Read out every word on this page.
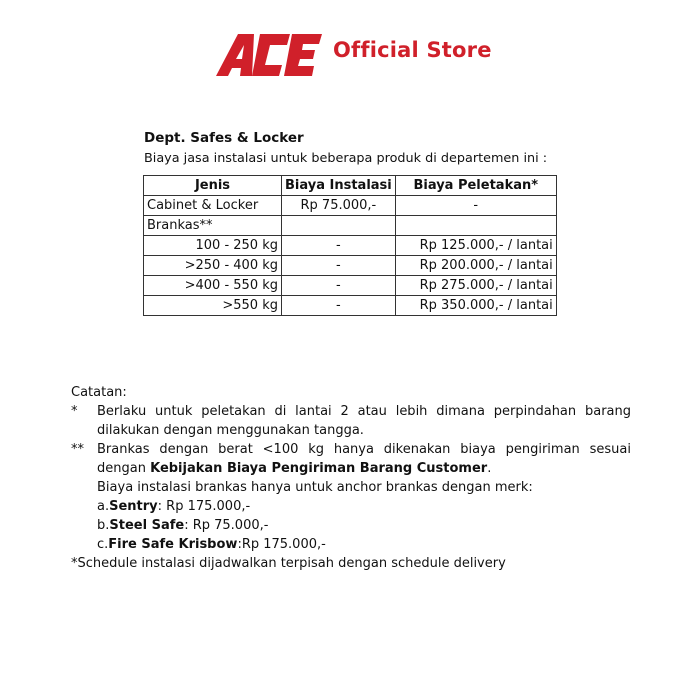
ACE
Official Store
Dept. Safes & Locker
Biaya jasa instalasi untuk beberapa produk di departemen ini :
Jenis	Biaya Instalasi	Biaya Peletakan*
Cabinet & Locker	Rp 75.000,-	-
Brankas**		
100 - 250 kg	-	Rp 125.000,- / lantai
>250 - 400 kg	-	Rp 200.000,- / lantai
>400 - 550 kg	-	Rp 275.000,- / lantai
>550 kg	-	Rp 350.000,- / lantai
Catatan:
*	Berlaku untuk peletakan di lantai 2 atau lebih dimana perpindahan barang dilakukan dengan menggunakan tangga.
**	Brankas dengan berat <100 kg hanya dikenakan biaya pengiriman sesuai dengan Kebijakan Biaya Pengiriman Barang Customer.
Biaya instalasi brankas hanya untuk anchor brankas dengan merk:
a.Sentry: Rp 175.000,-
b.Steel Safe: Rp 75.000,-
c.Fire Safe Krisbow:Rp 175.000,-
*Schedule instalasi dijadwalkan terpisah dengan schedule delivery
